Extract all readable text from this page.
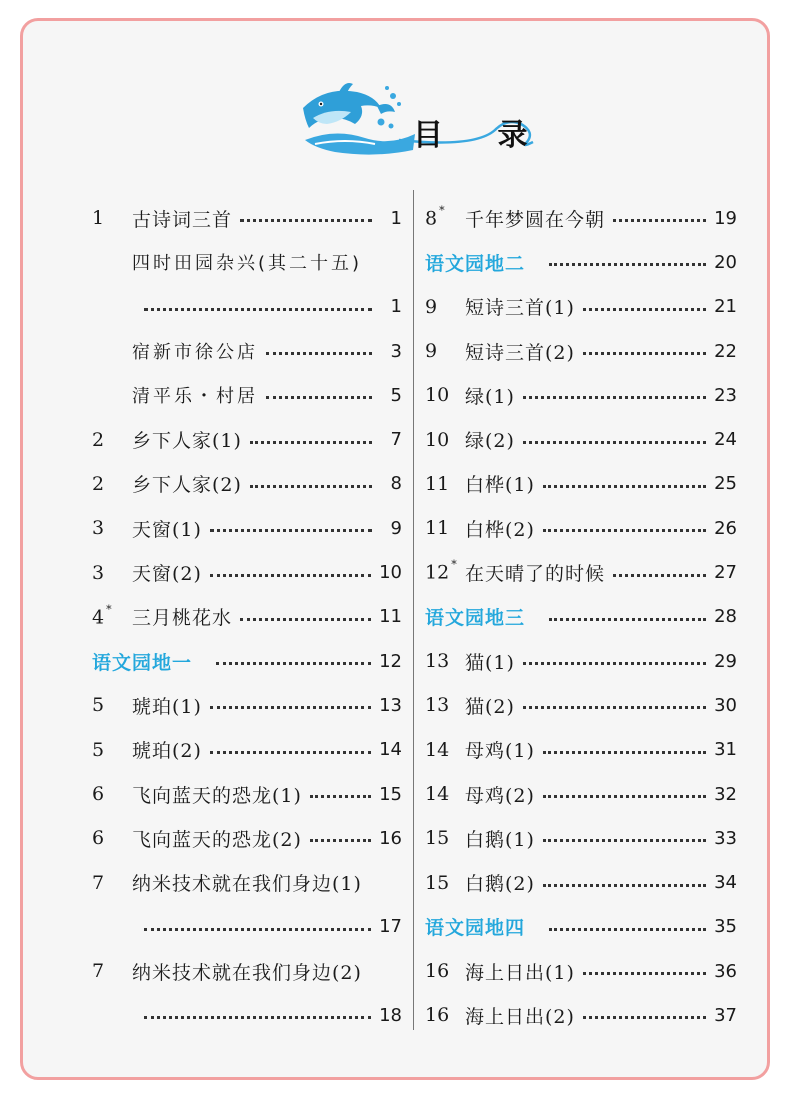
目 录
1	古诗词三首	1
四时田园杂兴(其二十五)
1
宿新市徐公店	3
清平乐・村居	5
2	乡下人家(1)	7
2	乡下人家(2)	8
3	天窗(1)	9
3	天窗(2)	10
4 *	三月桃花水	11
语文园地一	12
5	琥珀(1)	13
5	琥珀(2)	14
6	飞向蓝天的恐龙(1)	15
6	飞向蓝天的恐龙(2)	16
7	纳米技术就在我们身边(1)
17
7	纳米技术就在我们身边(2)
18
8 *	千年梦圆在今朝	19
语文园地二	20
9	短诗三首(1)	21
9	短诗三首(2)	22
10 绿(1)	23
10 绿(2)	24
11 白桦(1)	25
11 白桦(2)	26
12 * 在天晴了的时候	27
语文园地三	28
13 猫(1)	29
13 猫(2)	30
14 母鸡(1)	31
14 母鸡(2)	32
15 白鹅(1)	33
15 白鹅(2)	34
语文园地四	35
16 海上日出(1)	36
16 海上日出(2)	37
